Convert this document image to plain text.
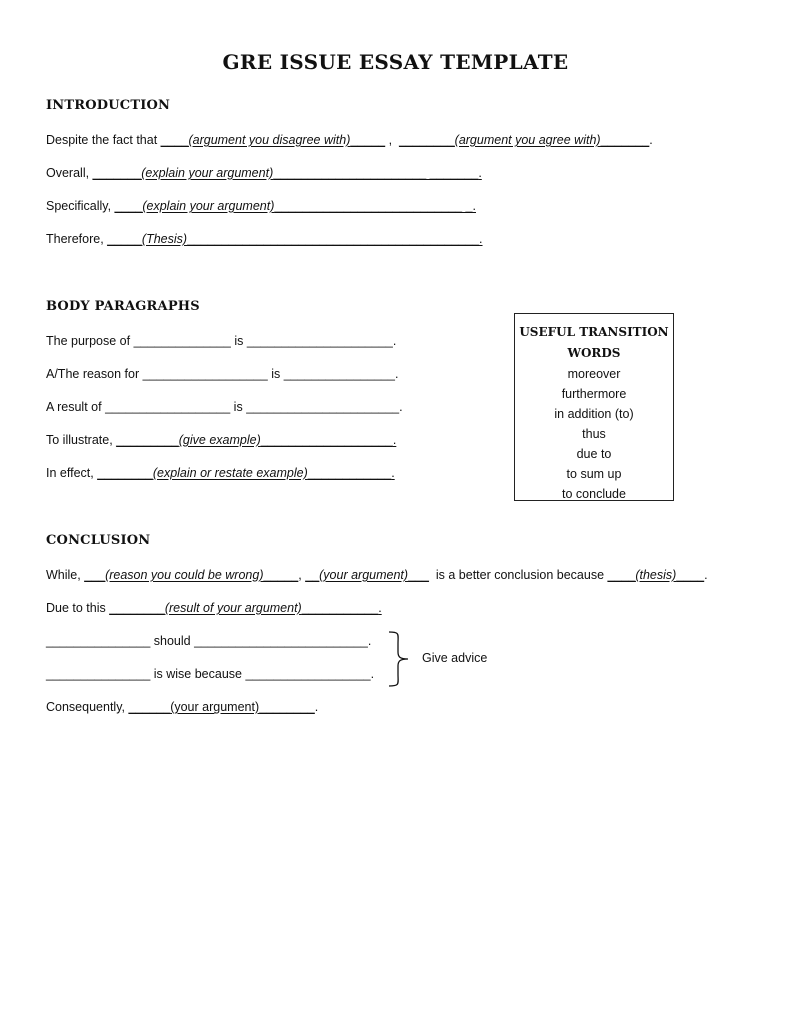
GRE ISSUE ESSAY TEMPLATE
INTRODUCTION
Despite the fact that ____(argument you disagree with)_____ ,  ________(argument you agree with)_______.
Overall, _______(explain your argument)______________________ _______.
Specifically, ____(explain your argument)___________________________ _.
Therefore, _____(Thesis)__________________________________________.
BODY PARAGRAPHS
The purpose of ______________ is _____________________.
A/The reason for __________________ is ________________.
A result of __________________ is ______________________.
To illustrate, _________(give example)___________________.
In effect, ________(explain or restate example)____________.
USEFUL TRANSITION
WORDS
moreover
furthermore
in addition (to)
thus
due to
to sum up
to conclude
CONCLUSION
While, ___(reason you could be wrong)_____, __(your argument)___  is a better conclusion because ____(thesis)____.
Due to this ________(result of your argument)___________.
_______________ should _________________________.
_______________ is wise because __________________.
Give advice
Consequently, ______(your argument)________.
